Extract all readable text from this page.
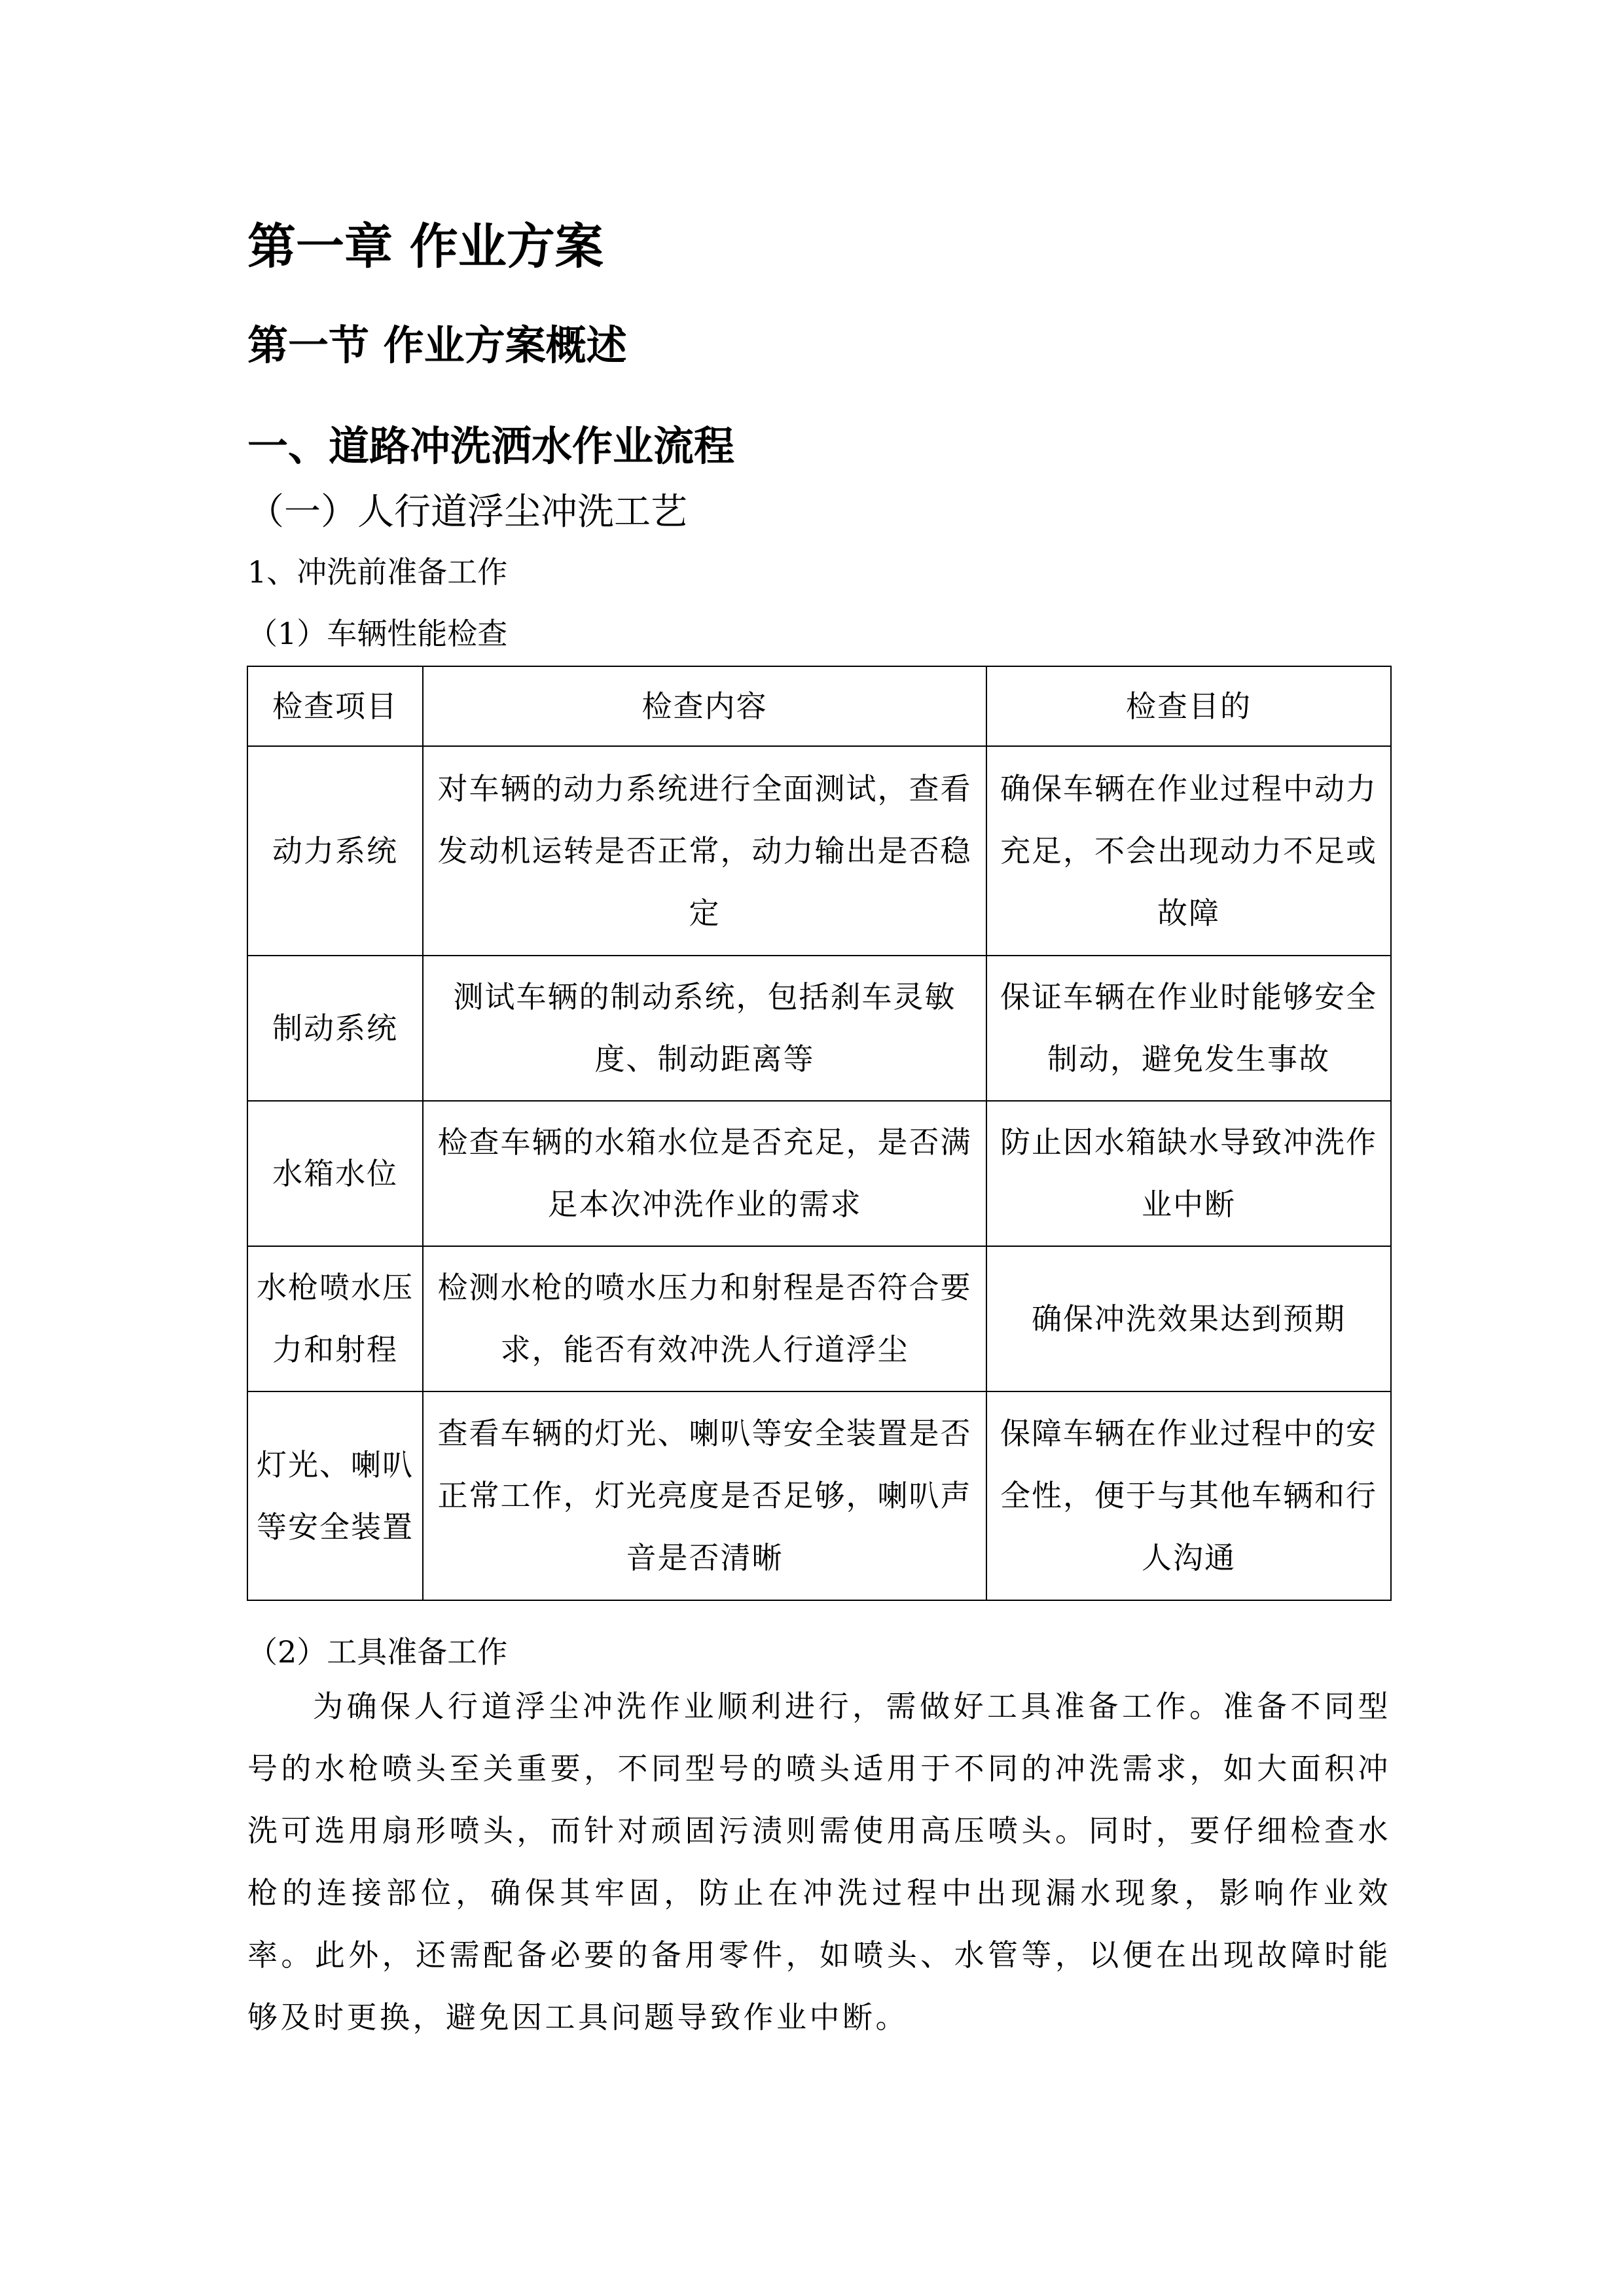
第一章 作业方案
第一节 作业方案概述
一、道路冲洗洒水作业流程
（一）人行道浮尘冲洗工艺
1、冲洗前准备工作
（1）车辆性能检查
检查项目	检查内容	检查目的
动力系统	对车辆的动力系统进行全面测试，查看发动机运转是否正常，动力输出是否稳定	确保车辆在作业过程中动力充足，不会出现动力不足或故障
制动系统	测试车辆的制动系统，包括刹车灵敏度、制动距离等	保证车辆在作业时能够安全制动，避免发生事故
水箱水位	检查车辆的水箱水位是否充足，是否满足本次冲洗作业的需求	防止因水箱缺水导致冲洗作业中断
水枪喷水压力和射程	检测水枪的喷水压力和射程是否符合要求，能否有效冲洗人行道浮尘	确保冲洗效果达到预期
灯光、喇叭等安全装置	查看车辆的灯光、喇叭等安全装置是否正常工作，灯光亮度是否足够，喇叭声音是否清晰	保障车辆在作业过程中的安全性，便于与其他车辆和行人沟通
（2）工具准备工作
为确保人行道浮尘冲洗作业顺利进行，需做好工具准备工作。准备不同型号的水枪喷头至关重要，不同型号的喷头适用于不同的冲洗需求，如大面积冲洗可选用扇形喷头，而针对顽固污渍则需使用高压喷头。同时，要仔细检查水枪的连接部位，确保其牢固，防止在冲洗过程中出现漏水现象，影响作业效率。此外，还需配备必要的备用零件，如喷头、水管等，以便在出现故障时能够及时更换，避免因工具问题导致作业中断。
